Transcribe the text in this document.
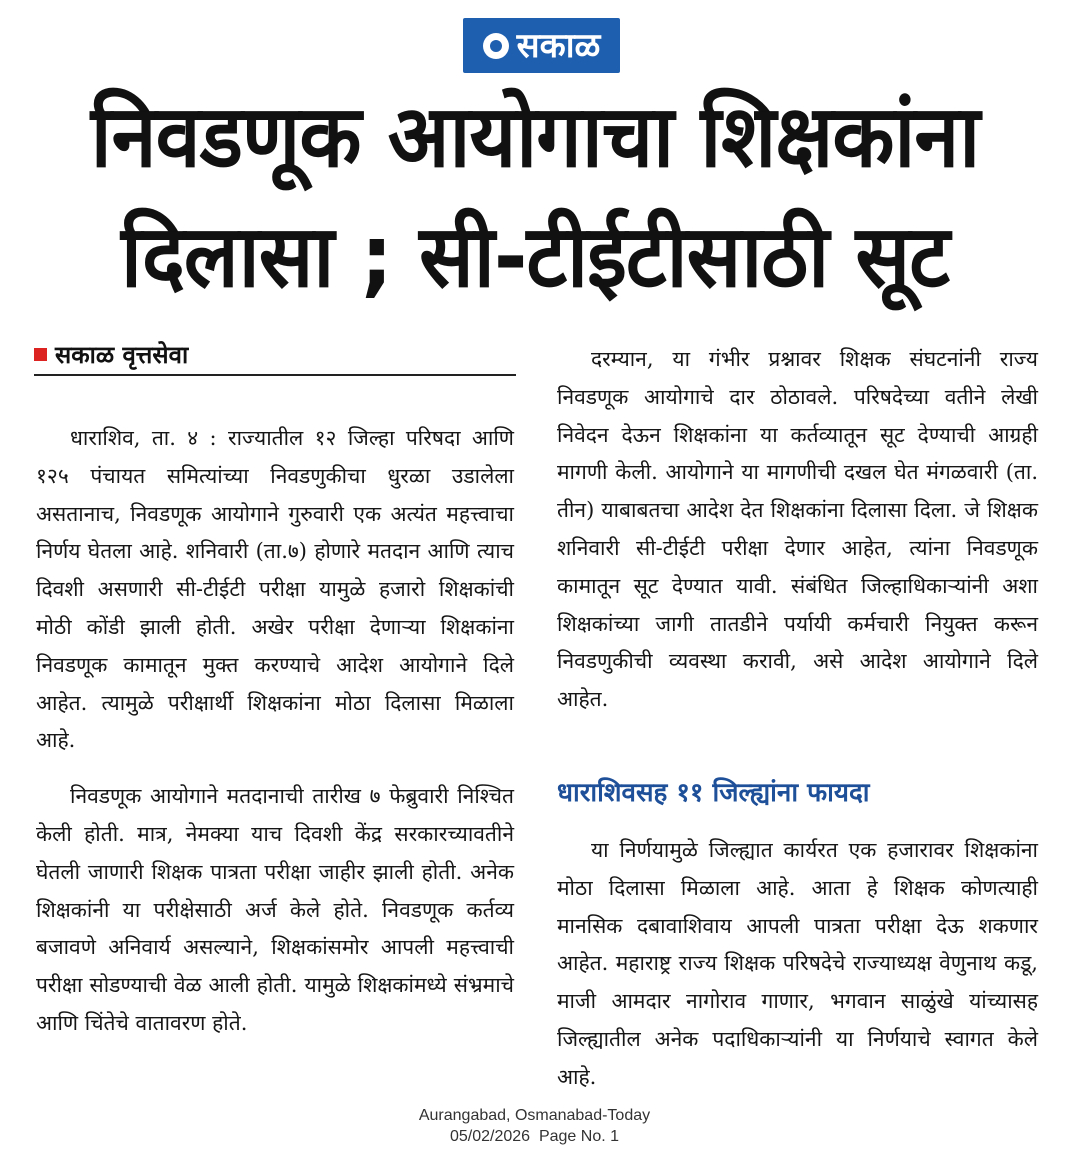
सकाळ
निवडणूक आयोगाचा शिक्षकांना
दिलासा ; सी-टीईटीसाठी सूट
सकाळ वृत्तसेवा

धाराशिव, ता. ४ : राज्यातील १२ जिल्हा परिषदा आणि १२५ पंचायत समित्यांच्या निवडणुकीचा धुरळा उडालेला असतानाच, निवडणूक आयोगाने गुरुवारी एक अत्यंत महत्त्वाचा निर्णय घेतला आहे. शनिवारी (ता.७) होणारे मतदान आणि त्याच दिवशी असणारी सी-टीईटी परीक्षा यामुळे हजारो शिक्षकांची मोठी कोंडी झाली होती. अखेर परीक्षा देणाऱ्या शिक्षकांना निवडणूक कामातून मुक्त करण्याचे आदेश आयोगाने दिले आहेत. त्यामुळे परीक्षार्थी शिक्षकांना मोठा दिलासा मिळाला आहे.

निवडणूक आयोगाने मतदानाची तारीख ७ फेब्रुवारी निश्चित केली होती. मात्र, नेमक्या याच दिवशी केंद्र सरकारच्यावतीने घेतली जाणारी शिक्षक पात्रता परीक्षा जाहीर झाली होती. अनेक शिक्षकांनी या परीक्षेसाठी अर्ज केले होते. निवडणूक कर्तव्य बजावणे अनिवार्य असल्याने, शिक्षकांसमोर आपली महत्त्वाची परीक्षा सोडण्याची वेळ आली होती. यामुळे शिक्षकांमध्ये संभ्रमाचे आणि चिंतेचे वातावरण होते.

दरम्यान, या गंभीर प्रश्नावर शिक्षक संघटनांनी राज्य निवडणूक आयोगाचे दार ठोठावले. परिषदेच्या वतीने लेखी निवेदन देऊन शिक्षकांना या कर्तव्यातून सूट देण्याची आग्रही मागणी केली. आयोगाने या मागणीची दखल घेत मंगळवारी (ता. तीन) याबाबतचा आदेश देत शिक्षकांना दिलासा दिला. जे शिक्षक शनिवारी सी-टीईटी परीक्षा देणार आहेत, त्यांना निवडणूक कामातून सूट देण्यात यावी. संबंधित जिल्हाधिकाऱ्यांनी अशा शिक्षकांच्या जागी तातडीने पर्यायी कर्मचारी नियुक्त करून निवडणुकीची व्यवस्था करावी, असे आदेश आयोगाने दिले आहेत.

धाराशिवसह ११ जिल्ह्यांना फायदा

या निर्णयामुळे जिल्ह्यात कार्यरत एक हजारावर शिक्षकांना मोठा दिलासा मिळाला आहे. आता हे शिक्षक कोणत्याही मानसिक दबावाशिवाय आपली पात्रता परीक्षा देऊ शकणार आहेत. महाराष्ट्र राज्य शिक्षक परिषदेचे राज्याध्यक्ष वेणुनाथ कडू, माजी आमदार नागोराव गाणार, भगवान साळुंखे यांच्यासह जिल्ह्यातील अनेक पदाधिकाऱ्यांनी या निर्णयाचे स्वागत केले आहे.

Aurangabad, Osmanabad-Today
05/02/2026  Page No. 1
